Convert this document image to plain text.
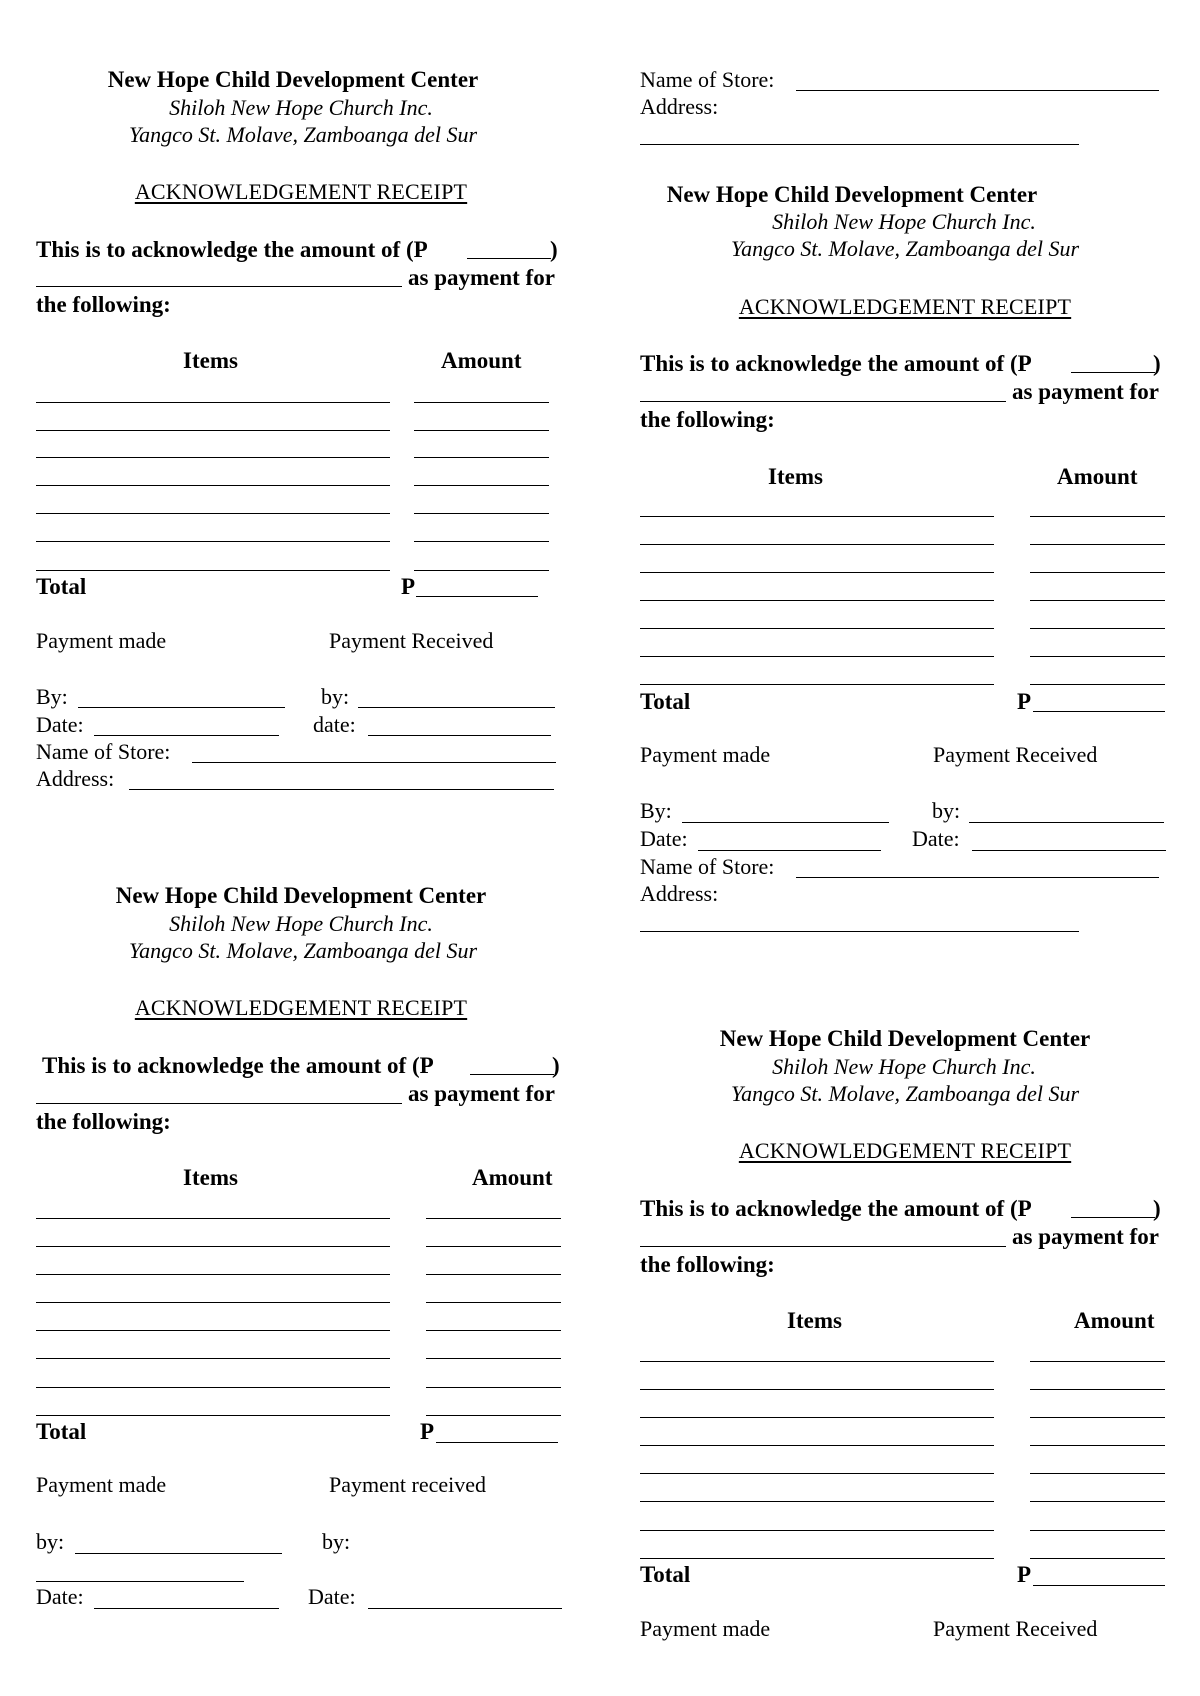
Name of Store:
Address:
New Hope Child Development Center
Shiloh New Hope Church Inc.
Yangco St. Molave, Zamboanga del Sur
ACKNOWLEDGEMENT RECEIPT
This is to acknowledge the amount of (P	)
as payment for
the following:
Items	Amount
Total	P
Payment made	Payment Received
By:	by:
Date:	date:
Name of Store:
Address:
New Hope Child Development Center
Shiloh New Hope Church Inc.
Yangco St. Molave, Zamboanga del Sur
ACKNOWLEDGEMENT RECEIPT
This is to acknowledge the amount of (P	)
as payment for
the following:
Items	Amount
Total	P
Payment made	Payment Received
By:	by:
Date:	Date:
Name of Store:
Address:
New Hope Child Development Center
Shiloh New Hope Church Inc.
Yangco St. Molave, Zamboanga del Sur
ACKNOWLEDGEMENT RECEIPT
This is to acknowledge the amount of (P	)
as payment for
the following:
Items	Amount
Total	P
Payment made	Payment received
by:	by:
Date:	Date:
New Hope Child Development Center
Shiloh New Hope Church Inc.
Yangco St. Molave, Zamboanga del Sur
ACKNOWLEDGEMENT RECEIPT
This is to acknowledge the amount of (P	)
as payment for
the following:
Items	Amount
Total	P
Payment made	Payment Received
